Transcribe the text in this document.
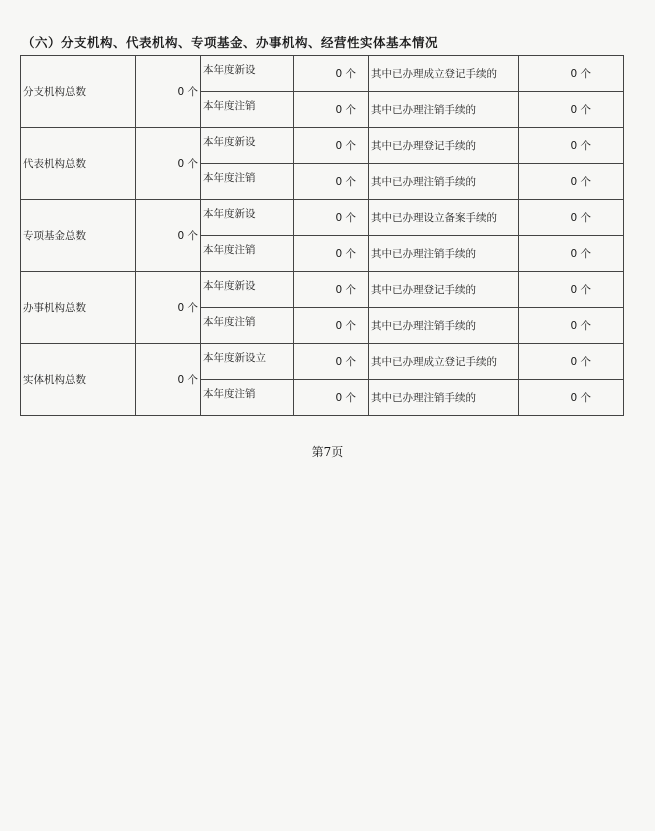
（六）分支机构、代表机构、专项基金、办事机构、经营性实体基本情况
分支机构总数	0 个	本年度新设	0 个	其中已办理成立登记手续的	0 个
		本年度注销	0 个	其中已办理注销手续的	0 个
代表机构总数	0 个	本年度新设	0 个	其中已办理登记手续的	0 个
		本年度注销	0 个	其中已办理注销手续的	0 个
专项基金总数	0 个	本年度新设	0 个	其中已办理设立备案手续的	0 个
		本年度注销	0 个	其中已办理注销手续的	0 个
办事机构总数	0 个	本年度新设	0 个	其中已办理登记手续的	0 个
		本年度注销	0 个	其中已办理注销手续的	0 个
实体机构总数	0 个	本年度新设立	0 个	其中已办理成立登记手续的	0 个
		本年度注销	0 个	其中已办理注销手续的	0 个
第7页
